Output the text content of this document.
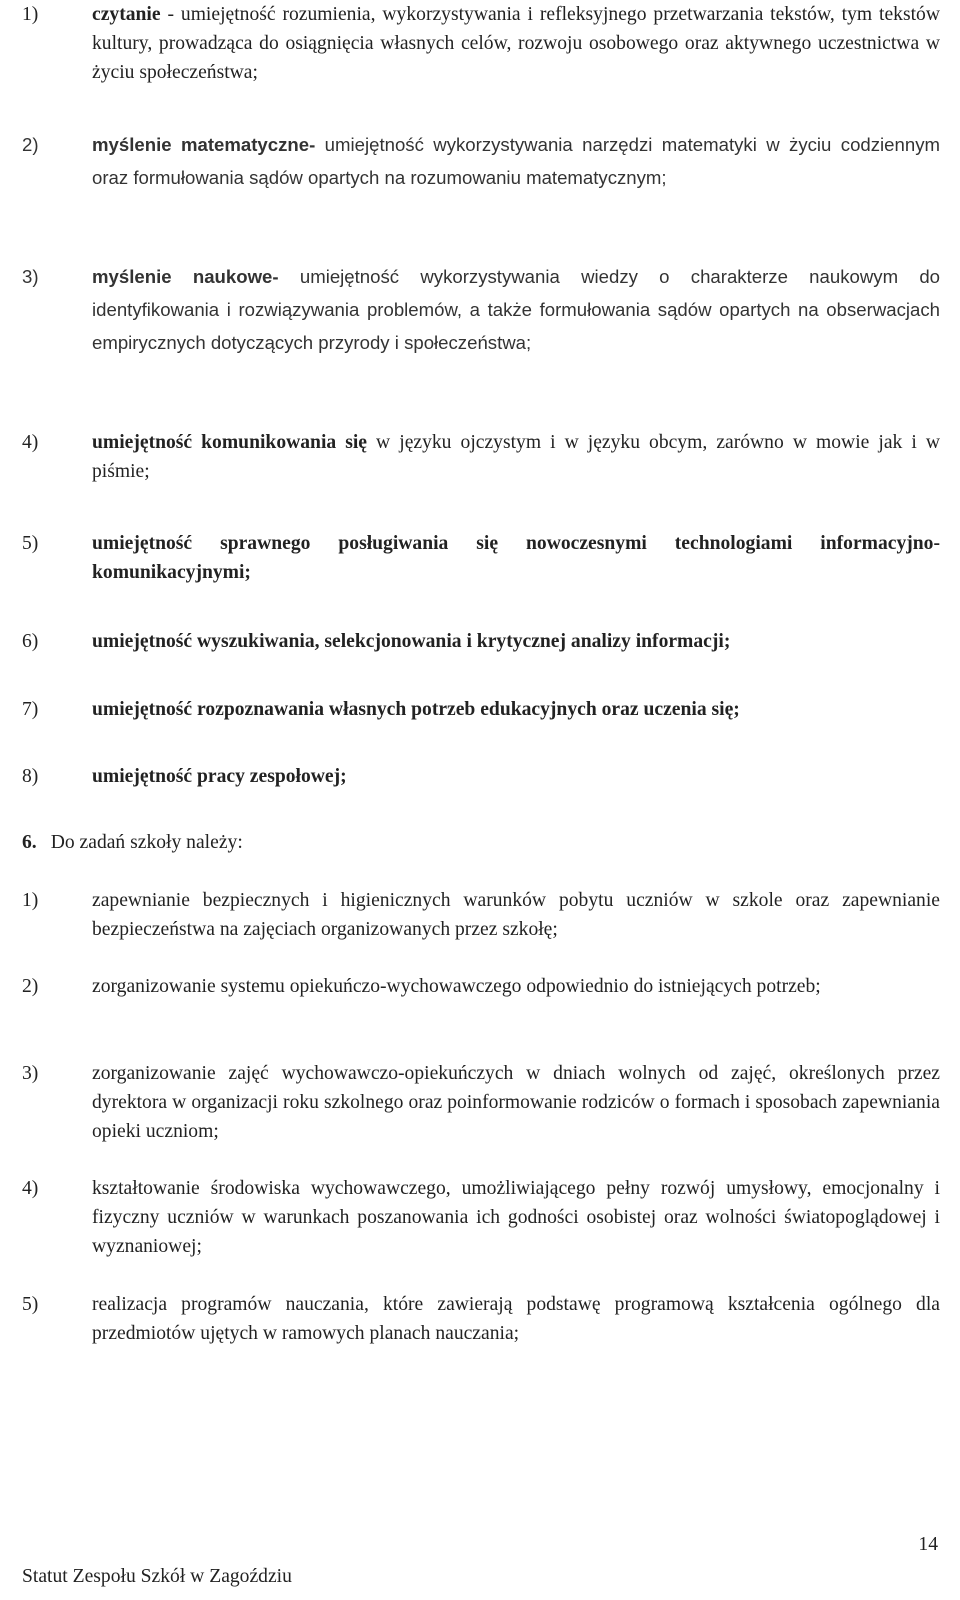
1)	czytanie - umiejętność rozumienia, wykorzystywania i refleksyjnego przetwarzania tekstów, tym tekstów kultury, prowadząca do osiągnięcia własnych celów, rozwoju osobowego oraz aktywnego uczestnictwa w życiu społeczeństwa;
2)	myślenie matematyczne- umiejętność wykorzystywania narzędzi matematyki w życiu codziennym oraz formułowania sądów opartych na rozumowaniu matematycznym;
3)	myślenie naukowe- umiejętność wykorzystywania wiedzy o charakterze naukowym do identyfikowania i rozwiązywania problemów, a także formułowania sądów opartych na obserwacjach empirycznych dotyczących przyrody i społeczeństwa;
4)	umiejętność komunikowania się w języku ojczystym i w języku obcym, zarówno w mowie jak i w piśmie;
5)	umiejętność sprawnego posługiwania się nowoczesnymi technologiami informacyjno-komunikacyjnymi;
6)	umiejętność wyszukiwania, selekcjonowania i krytycznej analizy informacji;
7)	umiejętność rozpoznawania własnych potrzeb edukacyjnych oraz uczenia się;
8)	umiejętność pracy zespołowej;
6. Do zadań szkoły należy:
1)	zapewnianie bezpiecznych i higienicznych warunków pobytu uczniów w szkole oraz zapewnianie bezpieczeństwa na zajęciach organizowanych przez szkołę;
2)	zorganizowanie systemu opiekuńczo-wychowawczego odpowiednio do istniejących potrzeb;
3)	zorganizowanie zajęć wychowawczo-opiekuńczych w dniach wolnych od zajęć, określonych przez dyrektora w organizacji roku szkolnego oraz poinformowanie rodziców o formach i sposobach zapewniania opieki uczniom;
4)	kształtowanie środowiska wychowawczego, umożliwiającego pełny rozwój umysłowy, emocjonalny i fizyczny uczniów w warunkach poszanowania ich godności osobistej oraz wolności światopoglądowej i wyznaniowej;
5)	realizacja programów nauczania, które zawierają podstawę programową kształcenia ogólnego dla przedmiotów ujętych w ramowych planach nauczania;
14
Statut Zespołu Szkół w Zagoździu
